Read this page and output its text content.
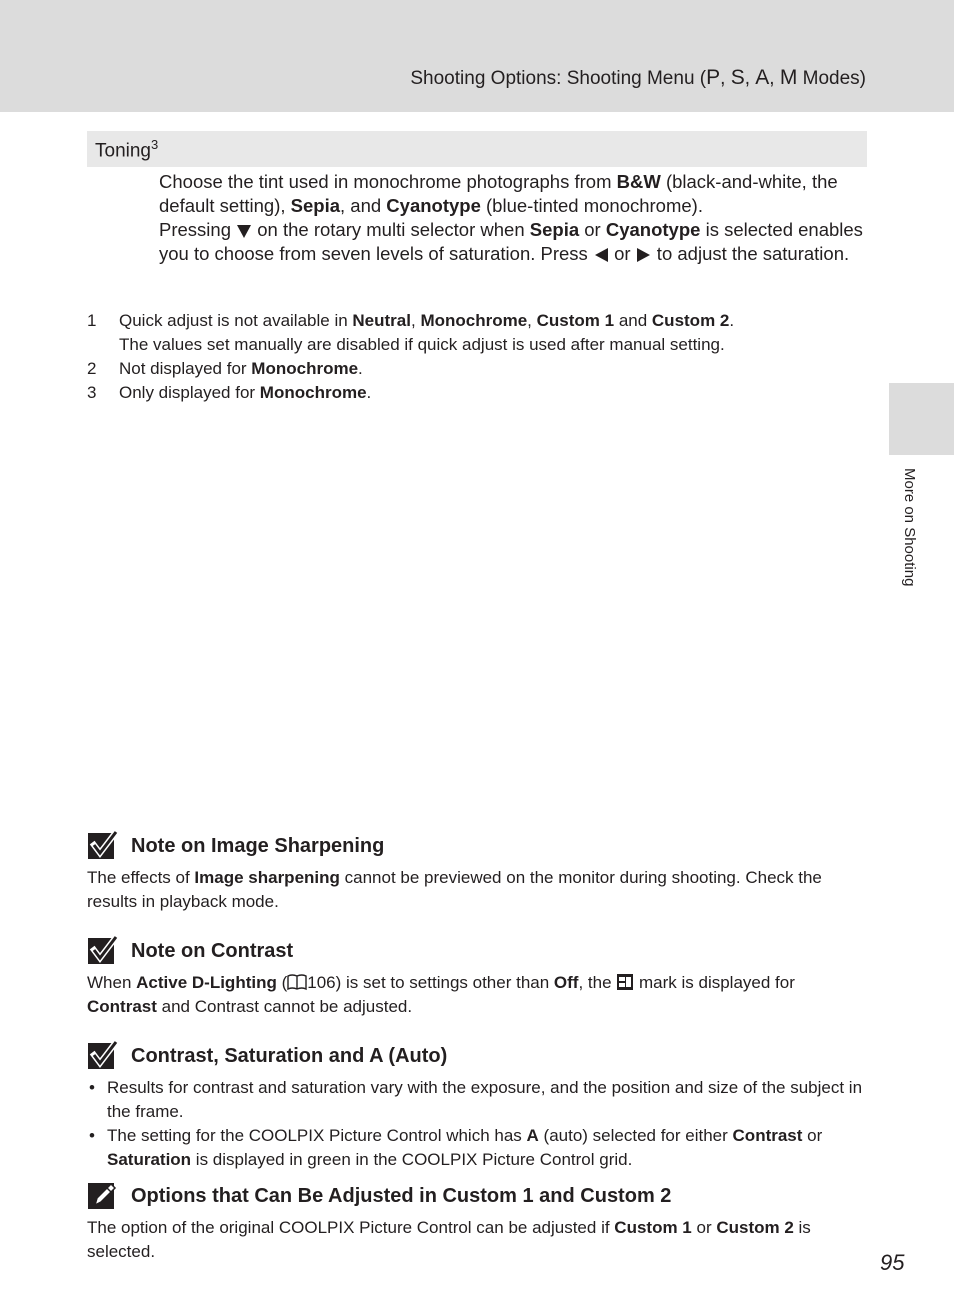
Shooting Options: Shooting Menu (P, S, A, M Modes)
More on Shooting
Toning$^3$
Choose the tint used in monochrome photographs from B&W (black-and-white, the default setting), Sepia, and Cyanotype (blue-tinted monochrome).
Pressing  on the rotary multi selector when Sepia or Cyanotype is selected enables you to choose from seven levels of saturation. Press  or  to adjust the saturation.
1	Quick adjust is not available in Neutral, Monochrome, Custom 1 and Custom 2.
The values set manually are disabled if quick adjust is used after manual setting.
2	Not displayed for Monochrome.
3	Only displayed for Monochrome.
Note on Image Sharpening
The effects of Image sharpening cannot be previewed on the monitor during shooting. Check the results in playback mode.
Note on Contrast
When Active D-Lighting ( 106) is set to settings other than Off, the  mark is displayed for Contrast and Contrast cannot be adjusted.
Contrast, Saturation and A (Auto)
• Results for contrast and saturation vary with the exposure, and the position and size of the subject in the frame.
• The setting for the COOLPIX Picture Control which has A (auto) selected for either Contrast or Saturation is displayed in green in the COOLPIX Picture Control grid.
Options that Can Be Adjusted in Custom 1 and Custom 2
The option of the original COOLPIX Picture Control can be adjusted if Custom 1 or Custom 2 is selected.	95
